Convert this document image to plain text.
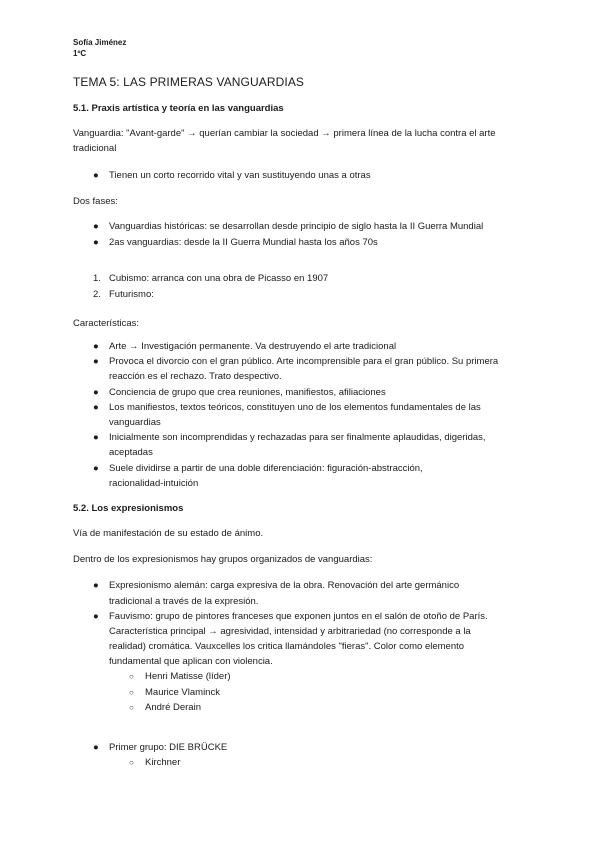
Sofía Jiménez
1ºC
TEMA 5: LAS PRIMERAS VANGUARDIAS
5.1. Praxis artística y teoría en las vanguardias
Vanguardia: "Avant-garde" → querían cambiar la sociedad → primera línea de la lucha contra el arte
tradicional
● Tienen un corto recorrido vital y van sustituyendo unas a otras
Dos fases:
● Vanguardias históricas: se desarrollan desde principio de siglo hasta la II Guerra Mundial
● 2as vanguardias: desde la II Guerra Mundial hasta los años 70s
1. Cubismo: arranca con una obra de Picasso en 1907
2. Futurismo:
Características:
● Arte → Investigación permanente. Va destruyendo el arte tradicional
● Provoca el divorcio con el gran público. Arte incomprensible para el gran público. Su primera
reacción es el rechazo. Trato despectivo.
● Conciencia de grupo que crea reuniones, manifiestos, afiliaciones
● Los manifiestos, textos teóricos, constituyen uno de los elementos fundamentales de las
vanguardias
● Inicialmente son incomprendidas y rechazadas para ser finalmente aplaudidas, digeridas,
aceptadas
● Suele dividirse a partir de una doble diferenciación: figuración-abstracción,
racionalidad-intuición
5.2. Los expresionismos
Vía de manifestación de su estado de ánimo.
Dentro de los expresionismos hay grupos organizados de vanguardias:
● Expresionismo alemán: carga expresiva de la obra. Renovación del arte germánico
tradicional a través de la expresión.
● Fauvismo: grupo de pintores franceses que exponen juntos en el salón de otoño de París.
Característica principal → agresividad, intensidad y arbitrariedad (no corresponde a la
realidad) cromática. Vauxcelles los critica llamándoles "fieras". Color como elemento
fundamental que aplican con violencia.
○ Henri Matisse (líder)
○ Maurice Vlaminck
○ André Derain
● Primer grupo: DIE BRÜCKE
○ Kirchner
